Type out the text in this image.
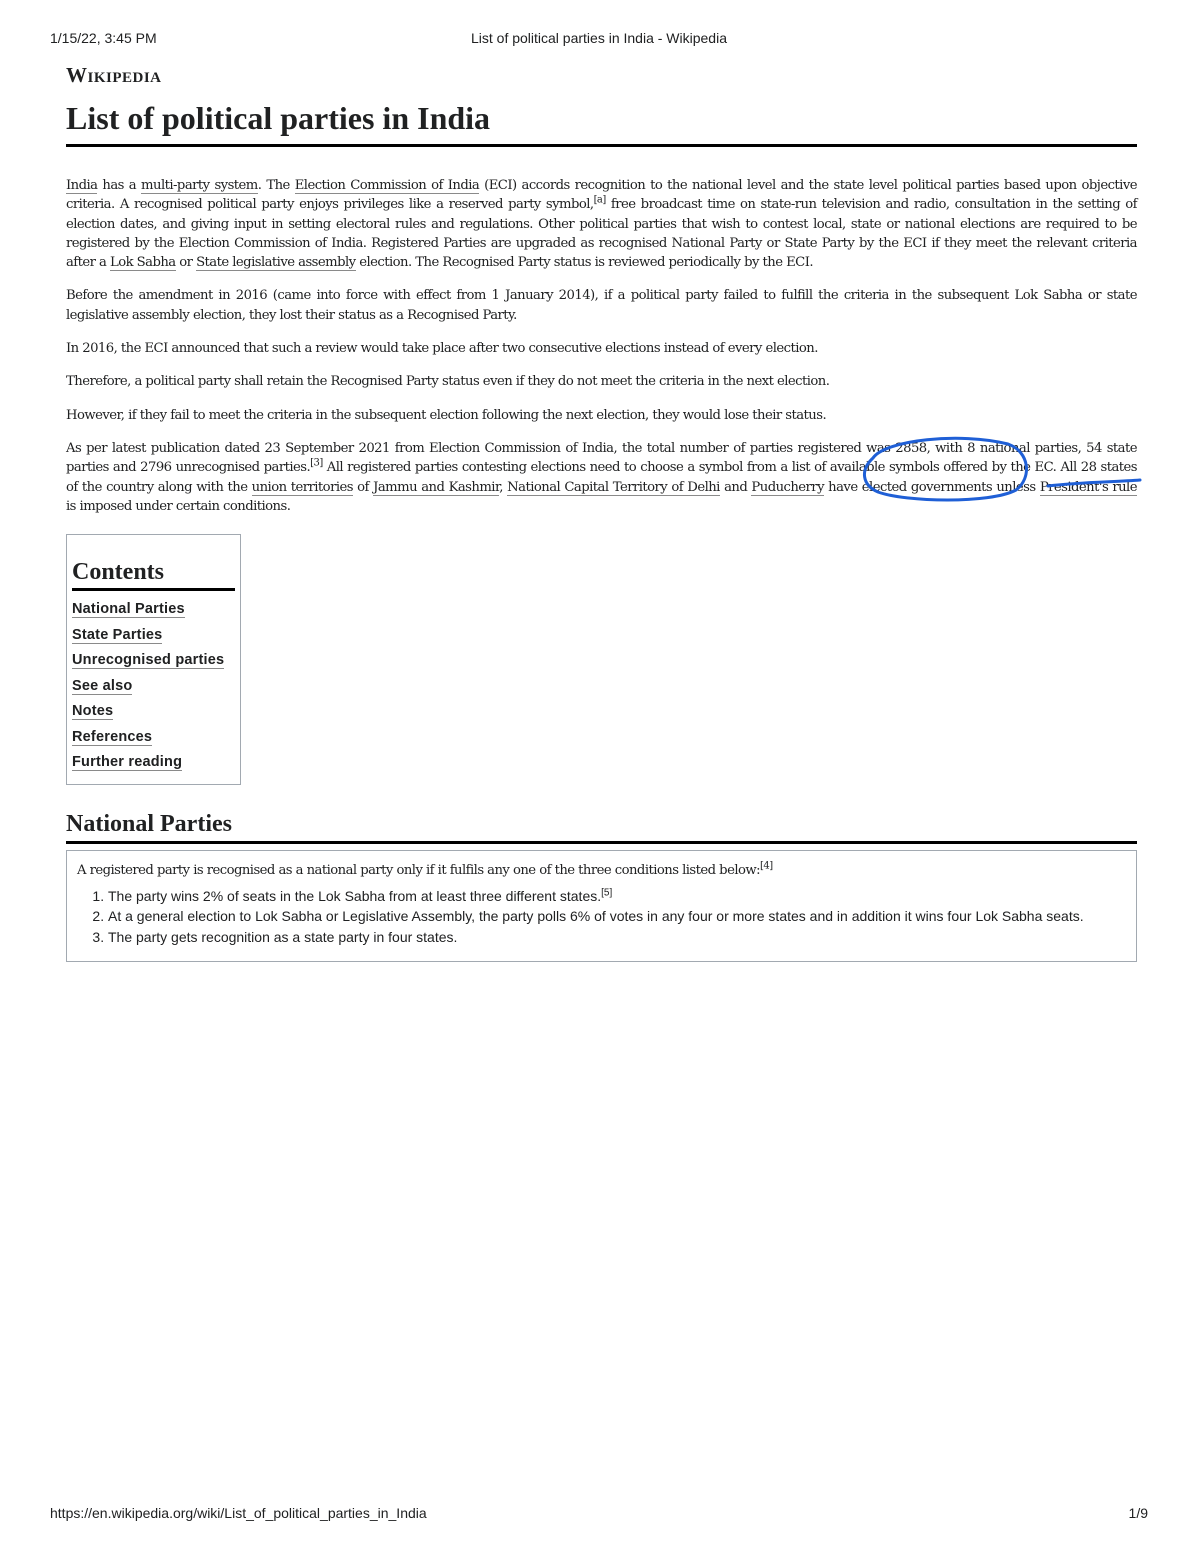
1/15/22, 3:45 PM	List of political parties in India - Wikipedia
Wikipedia
List of political parties in India

India has a multi-party system. The Election Commission of India (ECI) accords recognition to the national level and the state level political parties based upon objective criteria. A recognised political party enjoys privileges like a reserved party symbol,[a] free broadcast time on state-run television and radio, consultation in the setting of election dates, and giving input in setting electoral rules and regulations. Other political parties that wish to contest local, state or national elections are required to be registered by the Election Commission of India. Registered Parties are upgraded as recognised National Party or State Party by the ECI if they meet the relevant criteria after a Lok Sabha or State legislative assembly election. The Recognised Party status is reviewed periodically by the ECI.

Before the amendment in 2016 (came into force with effect from 1 January 2014), if a political party failed to fulfill the criteria in the subsequent Lok Sabha or state legislative assembly election, they lost their status as a Recognised Party.

In 2016, the ECI announced that such a review would take place after two consecutive elections instead of every election.

Therefore, a political party shall retain the Recognised Party status even if they do not meet the criteria in the next election.

However, if they fail to meet the criteria in the subsequent election following the next election, they would lose their status.

As per latest publication dated 23 September 2021 from Election Commission of India, the total number of parties registered was 2858, with 8 national parties, 54 state parties and 2796 unrecognised parties.[3] All registered parties contesting elections need to choose a symbol from a list of available symbols offered by the EC. All 28 states of the country along with the union territories of Jammu and Kashmir, National Capital Territory of Delhi and Puducherry have elected governments unless President's rule is imposed under certain conditions.

Contents
National Parties
State Parties
Unrecognised parties
See also
Notes
References
Further reading
National Parties

A registered party is recognised as a national party only if it fulfils any one of the three conditions listed below:[4]

1. The party wins 2% of seats in the Lok Sabha from at least three different states.[5]
2. At a general election to Lok Sabha or Legislative Assembly, the party polls 6% of votes in any four or more states and in addition it wins four Lok Sabha seats.
3. The party gets recognition as a state party in four states.
https://en.wikipedia.org/wiki/List_of_political_parties_in_India	1/9
